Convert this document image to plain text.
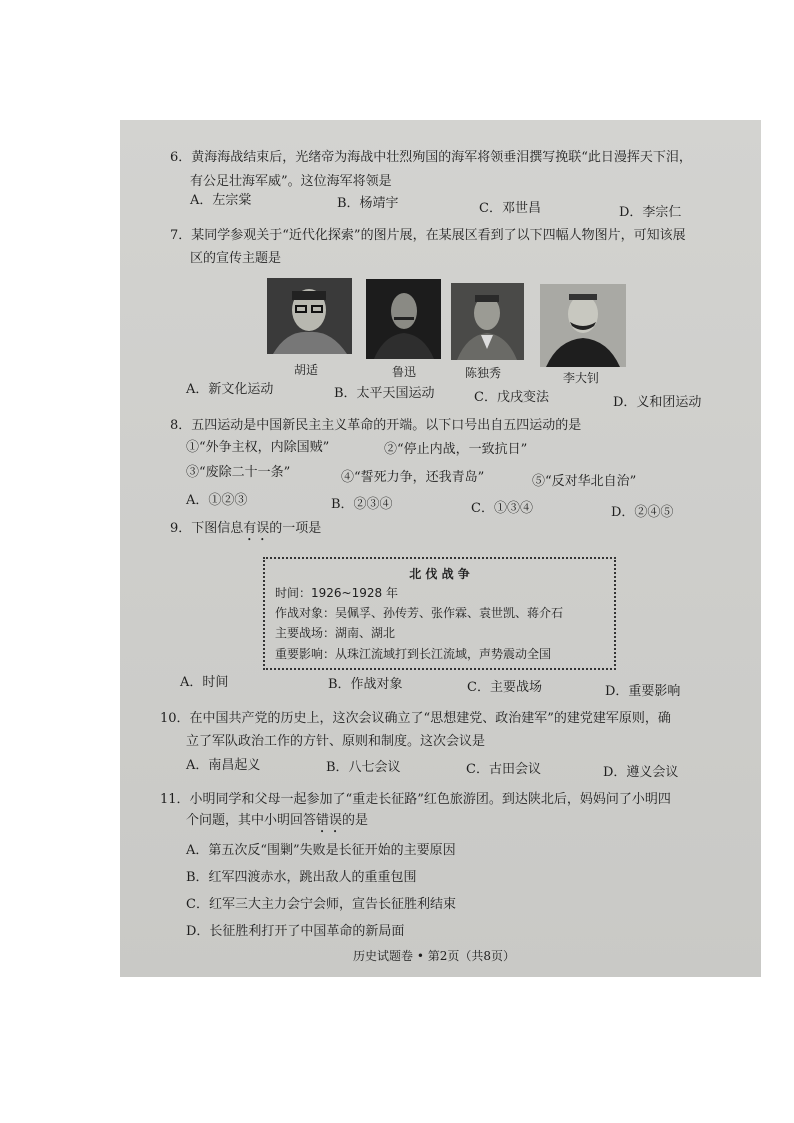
6．黄海海战结束后，光绪帝为海战中壮烈殉国的海军将领垂泪撰写挽联“此日漫挥天下泪，
有公足壮海军威”。这位海军将领是
A．左宗棠	B．杨靖宇	C．邓世昌	D．李宗仁
7．某同学参观关于“近代化探索”的图片展，在某展区看到了以下四幅人物图片，可知该展
区的宣传主题是
胡适	鲁迅	陈独秀	李大钊
A．新文化运动	B．太平天国运动	C．戊戌变法	D．义和团运动
8．五四运动是中国新民主主义革命的开端。以下口号出自五四运动的是
①“外争主权，内除国贼”	②“停止内战，一致抗日”
③“废除二十一条”	④“誓死力争，还我青岛”	⑤“反对华北自治”
A．①②③	B．②③④	C．①③④	D．②④⑤
9．下图信息有误的一项是
北 伐 战 争
时间：1926~1928 年
作战对象：吴佩孚、孙传芳、张作霖、袁世凯、蒋介石
主要战场：湖南、湖北
重要影响：从珠江流域打到长江流域，声势震动全国
A．时间	B．作战对象	C．主要战场	D．重要影响
10．在中国共产党的历史上，这次会议确立了“思想建党、政治建军”的建党建军原则，确
立了军队政治工作的方针、原则和制度。这次会议是
A．南昌起义	B．八七会议	C．古田会议	D．遵义会议
11．小明同学和父母一起参加了“重走长征路”红色旅游团。到达陕北后，妈妈问了小明四
个问题，其中小明回答错误的是
A．第五次反“围剿”失败是长征开始的主要原因
B．红军四渡赤水，跳出敌人的重重包围
C．红军三大主力会宁会师，宣告长征胜利结束
D．长征胜利打开了中国革命的新局面
历史试题卷 • 第2页（共8页）
